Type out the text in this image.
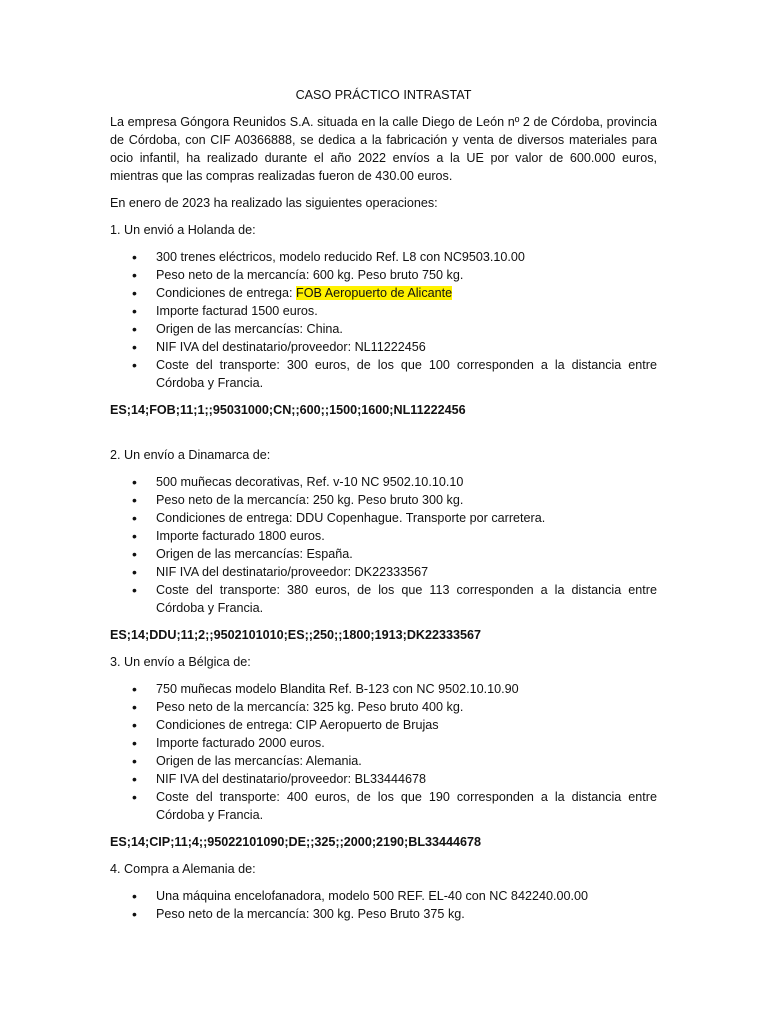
CASO PRÁCTICO INTRASTAT
La empresa Góngora Reunidos S.A. situada en la calle Diego de León nº 2 de Córdoba, provincia de Córdoba, con CIF A0366888, se dedica a la fabricación y venta de diversos materiales para ocio infantil, ha realizado durante el año 2022 envíos a la UE por valor de 600.000 euros, mientras que las compras realizadas fueron de 430.00 euros.
En enero de 2023 ha realizado las siguientes operaciones:
1. Un envió a Holanda de:
• 300 trenes eléctricos, modelo reducido Ref. L8 con NC9503.10.00
• Peso neto de la mercancía: 600 kg. Peso bruto 750 kg.
• Condiciones de entrega: FOB Aeropuerto de Alicante
• Importe facturad 1500 euros.
• Origen de las mercancías: China.
• NIF IVA del destinatario/proveedor: NL11222456
• Coste del transporte: 300 euros, de los que 100 corresponden a la distancia entre Córdoba y Francia.
ES;14;FOB;11;1;;95031000;CN;;600;;1500;1600;NL11222456
2. Un envío a Dinamarca de:
• 500 muñecas decorativas, Ref. v-10 NC 9502.10.10.10
• Peso neto de la mercancía: 250 kg. Peso bruto 300 kg.
• Condiciones de entrega: DDU Copenhague. Transporte por carretera.
• Importe facturado 1800 euros.
• Origen de las mercancías: España.
• NIF IVA del destinatario/proveedor: DK22333567
• Coste del transporte: 380 euros, de los que 113 corresponden a la distancia entre Córdoba y Francia.
ES;14;DDU;11;2;;9502101010;ES;;250;;1800;1913;DK22333567
3. Un envío a Bélgica de:
• 750 muñecas modelo Blandita Ref. B-123 con NC 9502.10.10.90
• Peso neto de la mercancía: 325 kg. Peso bruto 400 kg.
• Condiciones de entrega: CIP Aeropuerto de Brujas
• Importe facturado 2000 euros.
• Origen de las mercancías: Alemania.
• NIF IVA del destinatario/proveedor: BL33444678
• Coste del transporte: 400 euros, de los que 190 corresponden a la distancia entre Córdoba y Francia.
ES;14;CIP;11;4;;95022101090;DE;;325;;2000;2190;BL33444678
4. Compra a Alemania de:
• Una máquina encelofanadora, modelo 500 REF. EL-40 con NC 842240.00.00
• Peso neto de la mercancía: 300 kg. Peso Bruto 375 kg.
